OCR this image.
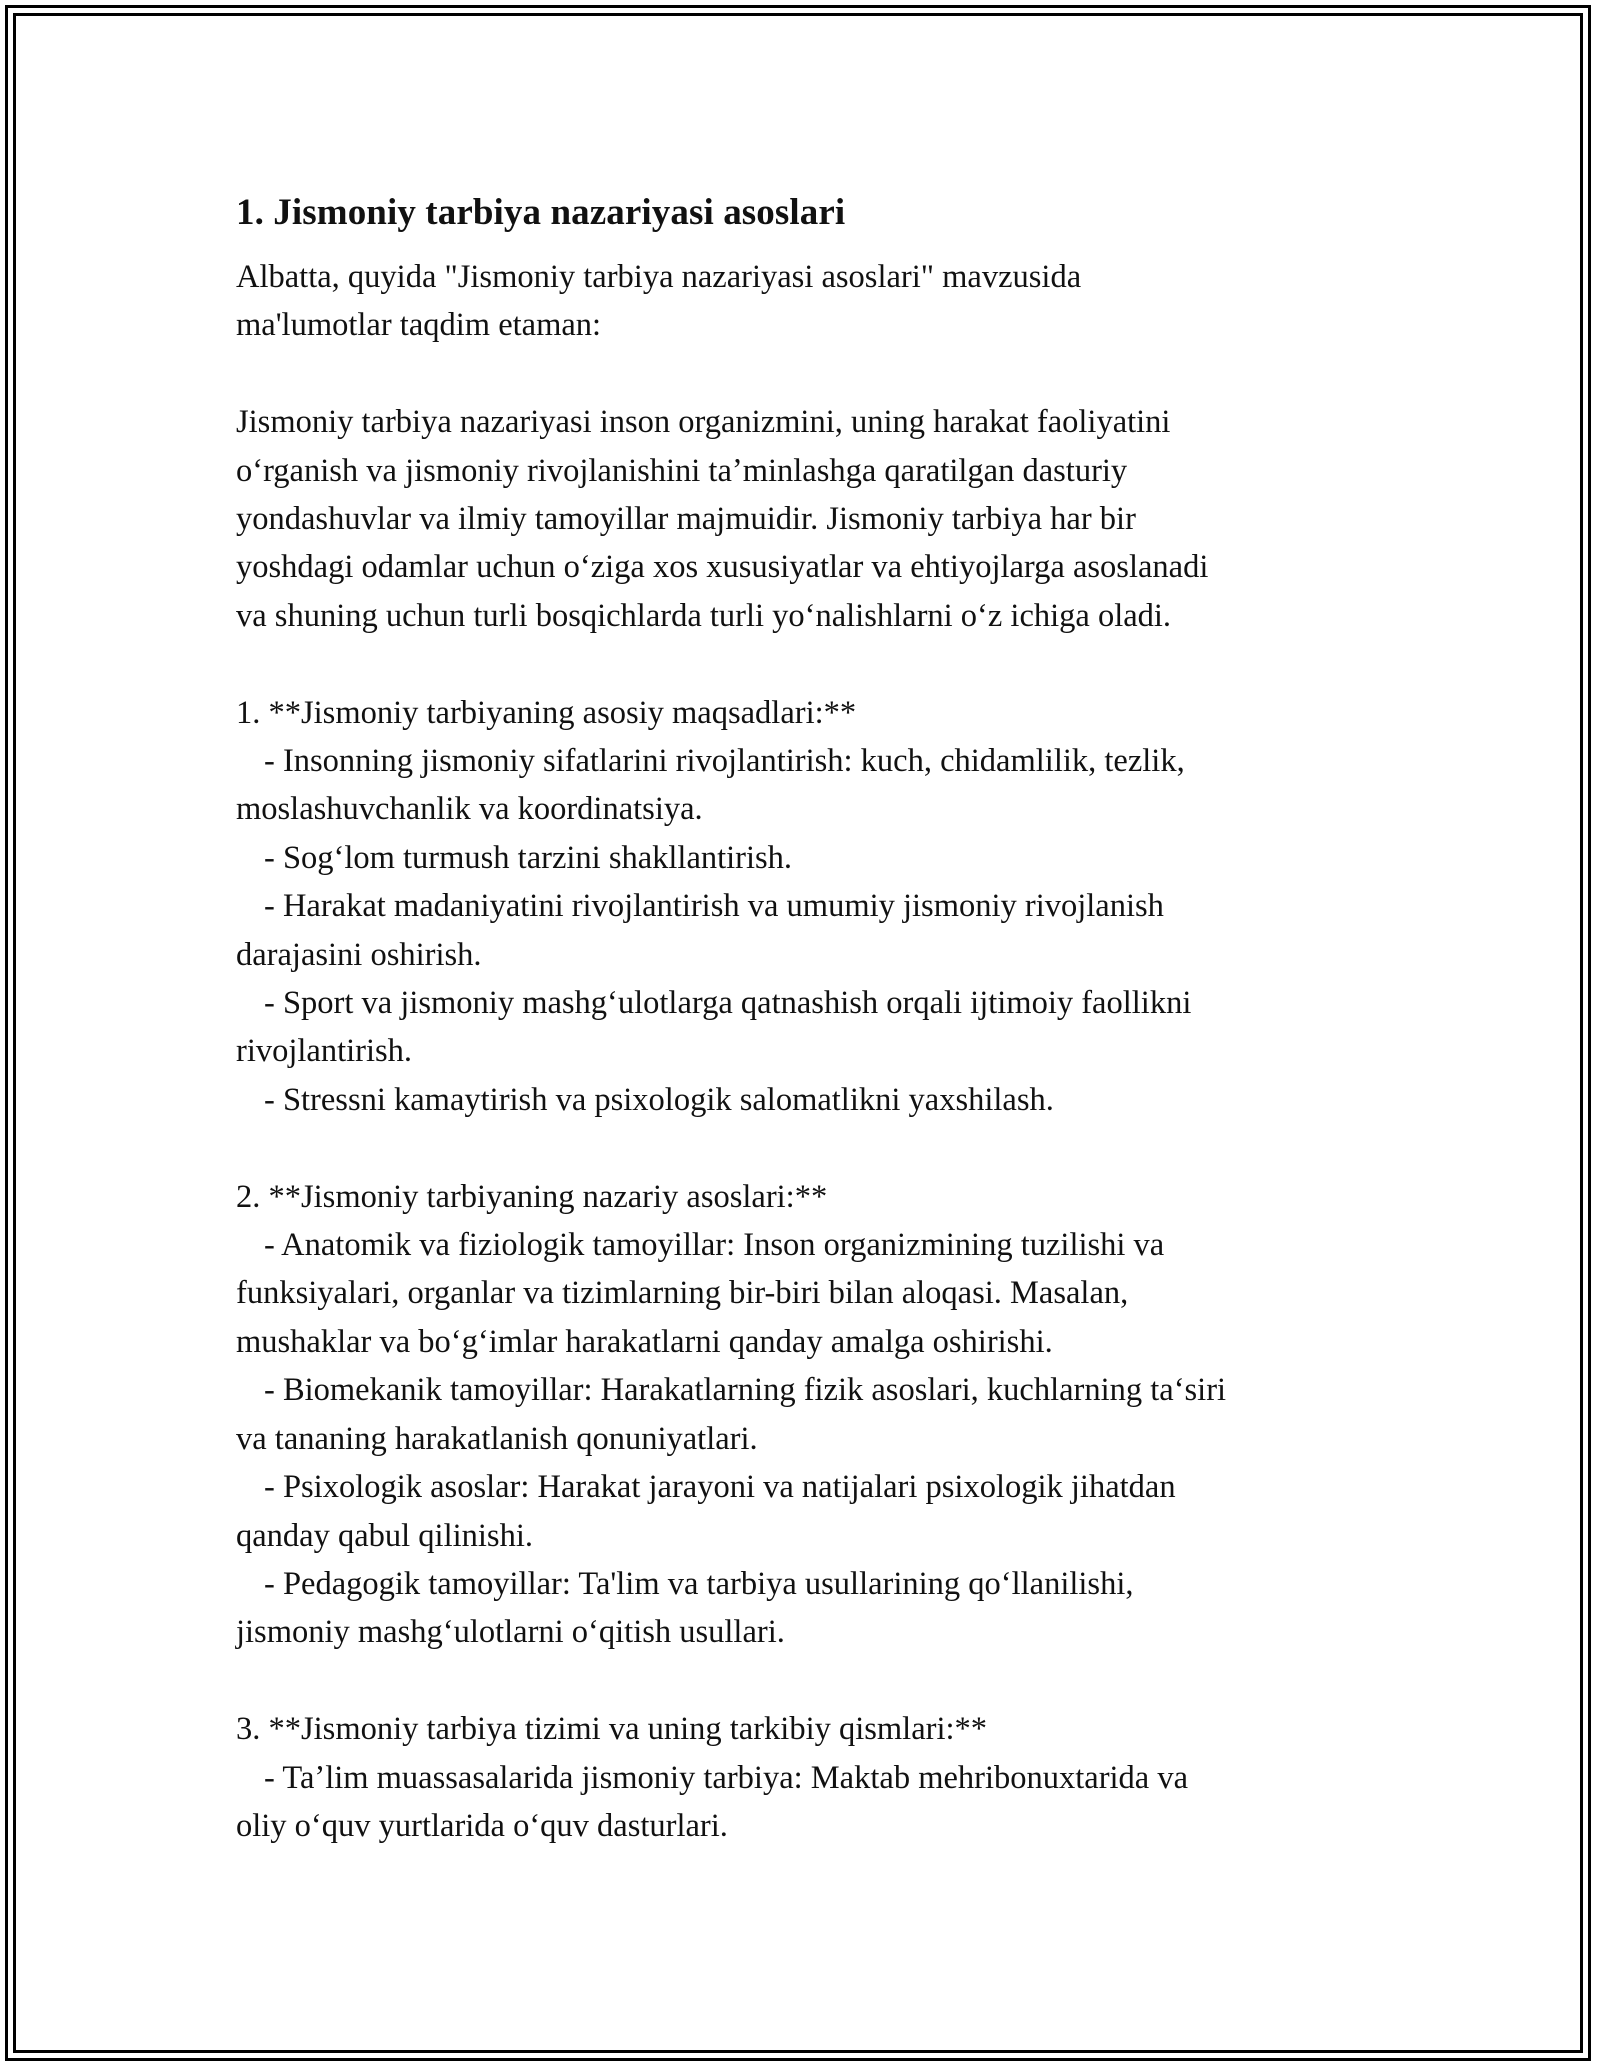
1. Jismoniy tarbiya nazariyasi asoslari

Albatta, quyida "Jismoniy tarbiya nazariyasi asoslari" mavzusida

ma'lumotlar taqdim etaman:

Jismoniy tarbiya nazariyasi inson organizmini, uning harakat faoliyatini

oʻrganish va jismoniy rivojlanishini taʼminlashga qaratilgan dasturiy

yondashuvlar va ilmiy tamoyillar majmuidir. Jismoniy tarbiya har bir

yoshdagi odamlar uchun oʻziga xos xususiyatlar va ehtiyojlarga asoslanadi

va shuning uchun turli bosqichlarda turli yoʻnalishlarni oʻz ichiga oladi.

1. **Jismoniy tarbiyaning asosiy maqsadlari:**

- Insonning jismoniy sifatlarini rivojlantirish: kuch, chidamlilik, tezlik,

moslashuvchanlik va koordinatsiya.

- Sogʻlom turmush tarzini shakllantirish.

- Harakat madaniyatini rivojlantirish va umumiy jismoniy rivojlanish

darajasini oshirish.

- Sport va jismoniy mashgʻulotlarga qatnashish orqali ijtimoiy faollikni

rivojlantirish.

- Stressni kamaytirish va psixologik salomatlikni yaxshilash.

2. **Jismoniy tarbiyaning nazariy asoslari:**

- Anatomik va fiziologik tamoyillar: Inson organizmining tuzilishi va

funksiyalari, organlar va tizimlarning bir-biri bilan aloqasi. Masalan,

mushaklar va boʻgʻimlar harakatlarni qanday amalga oshirishi.

- Biomekanik tamoyillar: Harakatlarning fizik asoslari, kuchlarning taʻsiri

va tananing harakatlanish qonuniyatlari.

- Psixologik asoslar: Harakat jarayoni va natijalari psixologik jihatdan

qanday qabul qilinishi.

- Pedagogik tamoyillar: Ta'lim va tarbiya usullarining qoʻllanilishi,

jismoniy mashgʻulotlarni oʻqitish usullari.

3. **Jismoniy tarbiya tizimi va uning tarkibiy qismlari:**

- Taʼlim muassasalarida jismoniy tarbiya: Maktab mehribonuxtarida va

oliy oʻquv yurtlarida oʻquv dasturlari.
